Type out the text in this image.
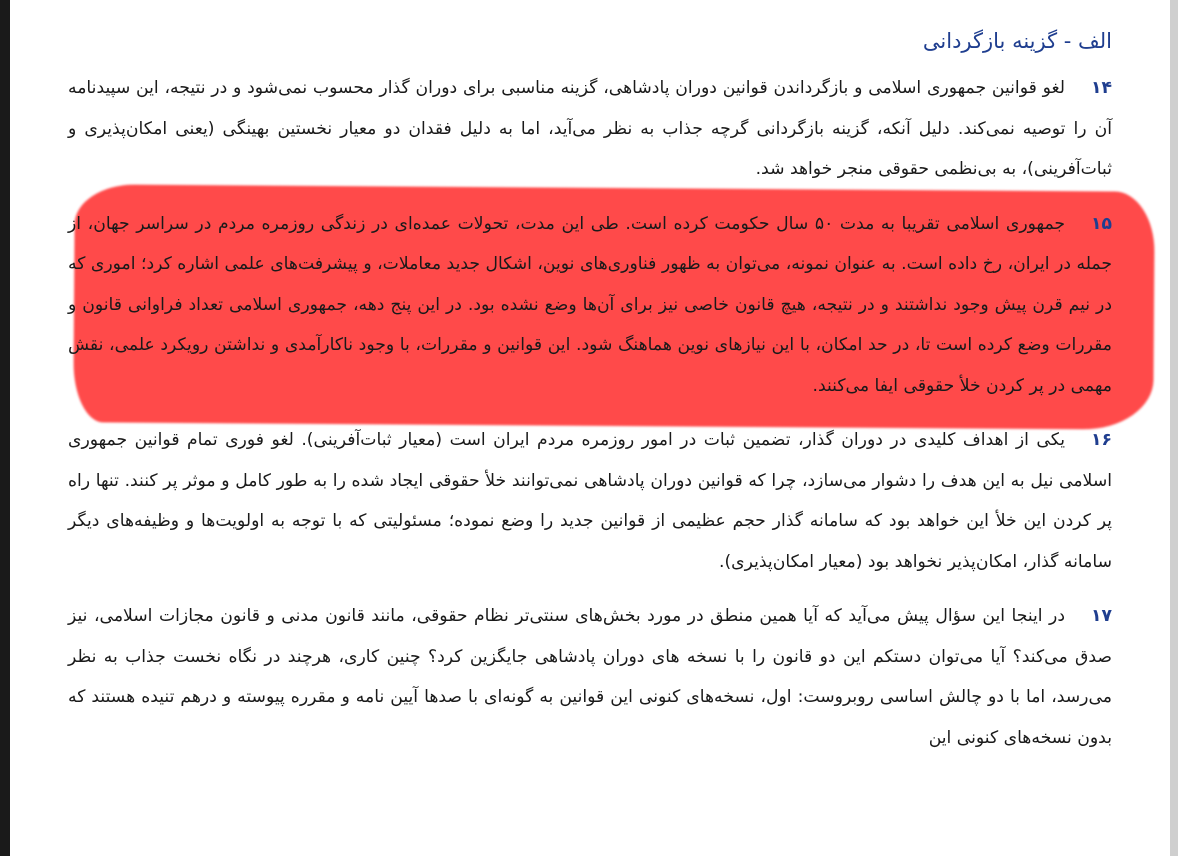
الف - گزینه بازگردانی
۱۴لغو قوانین جمهوری اسلامی و بازگرداندن قوانین دوران پادشاهی، گزینه مناسبی برای دوران گذار محسوب نمی‌شود و در نتیجه، این سپیدنامه آن را توصیه نمی‌کند. دلیل آنکه، گزینه بازگردانی گرچه جذاب به نظر می‌آید، اما به دلیل فقدان دو معیار نخستین بهینگی (یعنی امکان‌پذیری و ثبات‌آفرینی)، به بی‌نظمی حقوقی منجر خواهد شد.
۱۵جمهوری اسلامی تقریبا به مدت ۵۰ سال حکومت کرده است. طی این مدت، تحولات عمده‌ای در زندگی روزمره مردم در سراسر جهان، از جمله در ایران، رخ داده است. به عنوان نمونه، می‌توان به ظهور فناوری‌های نوین، اشکال جدید معاملات، و پیشرفت‌های علمی اشاره کرد؛ اموری که در نیم قرن پیش وجود نداشتند و در نتیجه، هیچ قانون خاصی نیز برای آن‌ها وضع نشده بود. در این پنج دهه، جمهوری اسلامی تعداد فراوانی قانون و مقررات وضع کرده است تا، در حد امکان، با این نیازهای نوین هماهنگ شود. این قوانین و مقررات، با وجود ناکارآمدی و نداشتن رویکرد علمی، نقش مهمی در پر کردن خلأ حقوقی ایفا می‌کنند.
۱۶یکی از اهداف کلیدی در دوران گذار، تضمین ثبات در امور روزمره مردم ایران است (معیار ثبات‌آفرینی). لغو فوری تمام قوانین جمهوری اسلامی نیل به این هدف را دشوار می‌سازد، چرا که قوانین دوران پادشاهی نمی‌توانند خلأ حقوقی ایجاد شده را به طور کامل و موثر پر کنند. تنها راه پر کردن این خلأ این خواهد بود که سامانه گذار حجم عظیمی از قوانین جدید را وضع نموده؛ مسئولیتی که با توجه به اولویت‌ها و وظیفه‌های دیگر سامانه گذار، امکان‌پذیر نخواهد بود (معیار امکان‌پذیری).
۱۷در اینجا این سؤال پیش می‌آید که آیا همین منطق در مورد بخش‌های سنتی‌تر نظام حقوقی، مانند قانون مدنی و قانون مجازات اسلامی، نیز صدق می‌کند؟ آیا می‌توان دستکم این دو قانون را با نسخه های دوران پادشاهی جایگزین کرد؟ چنین کاری، هرچند در نگاه نخست جذاب به نظر می‌رسد، اما با دو چالش اساسی روبروست: اول، نسخه‌های کنونی این قوانین به گونه‌ای با صدها آیین نامه و مقرره پیوسته و درهم تنیده هستند که بدون نسخه‌های کنونی این
